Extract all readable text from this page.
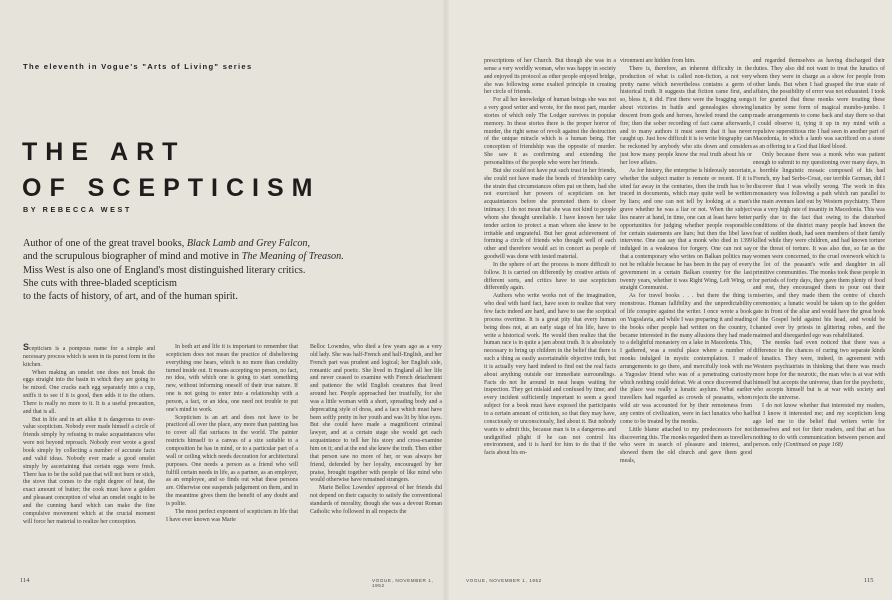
The eleventh in Vogue's "Arts of Living" series
THE ART
OF SCEPTICISM
BY REBECCA WEST
Author of one of the great travel books, Black Lamb and Grey Falcon,
and the scrupulous biographer of mind and motive in The Meaning of Treason.
Miss West is also one of England's most distinguished literary critics.
She cuts with three-bladed scepticism
to the facts of history, of art, and of the human spirit.

Scepticism is a pompous name for a simple and necessary process which is seen in its purest form in the kitchen.

When making an omelet one does not break the eggs straight into the basin in which they are going to be mixed. One cracks each egg separately into a cup, sniffs it to see if it is good, then adds it to the others. There is really no more to it. It is a useful precaution, and that is all.

But in life and in art alike it is dangerous to over-value scepticism. Nobody ever made himself a circle of friends simply by refusing to make acquaintances who were not beyond reproach. Nobody ever wrote a good book simply by collecting a number of accurate facts and valid ideas. Nobody ever made a good omelet simply by ascertaining that certain eggs were fresh. There has to be the solid pan that will not burn or stick, the stove that comes to the right degree of heat, the exact amount of butter; the cook must have a golden and pleasant conception of what an omelet ought to be and the cunning hand which can make the fine compulsive movement which at the crucial moment will force her material to realize her conception.

In both art and life it is important to remember that scepticism does not mean the practice of disbelieving everything one hears, which is no more than credulity turned inside out. It means accepting no person, no fact, no idea, with which one is going to start something new, without informing oneself of their true nature. If one is not going to enter into a relationship with a person, a fact, or an idea, one need not trouble to put one's mind to work.

Scepticism is an art and does not have to be practiced all over the place, any more than painting has to cover all flat surfaces in the world. The painter restricts himself to a canvas of a size suitable to a composition he has in mind, or to a particular part of a wall or ceiling which needs decoration for architectural purposes. One needs a person as a friend who will fulfill certain needs in life, as a partner, as an employer, as an employee, and so finds out what these persons are. Otherwise one suspends judgement on them, and in the meantime gives them the benefit of any doubt and is polite.

The most perfect exponent of scepticism in life that I have ever known was Marie

Belloc Lowndes, who died a few years ago as a very old lady. She was half-French and half-English, and her French part was prudent and logical; her English side, romantic and poetic. She lived in England all her life and never ceased to examine with French detachment and patience the wild English creatures that lived around her. People approached her trustfully, for she was a little woman with a short, spreading body and a deprecating style of dress, and a face which must have been softly pretty in her youth and was lit by blue eyes. But she could have made a magnificent criminal lawyer, and at a certain stage she would get each acquaintance to tell her his story and cross-examine him on it; and at the end she knew the truth. Then either that person saw no more of her, or was always her friend, defended by her loyalty, encouraged by her praise, brought together with people of like mind who would otherwise have remained strangers.

Marie Belloc Lowndes' approval of her friends did not depend on their capacity to satisfy the conventional standards of morality, though she was a devout Roman Catholic who followed in all respects the

114	VOGUE, NOVEMBER 1, 1952

prescriptions of her Church. But though she was in a sense a very worldly woman, who was happy in society and enjoyed its protocol as other people enjoyed bridge, she was following some exalted principle in creating her circle of friends.

For all her knowledge of human beings she was not a very good writer and wrote, for the most part, murder stories of which only The Lodger survives in popular memory. In these stories there is the proper horror of murder, the right sense of revolt against the destruction of the unique miracle which is a human being. Her conception of friendship was the opposite of murder. She saw it as confirming and extending the personalities of the people who were her friends.

But she could not have put such trust in her friends, she could not have made the bonds of friendship carry the strain that circumstances often put on them, had she not exercised her powers of scepticism on her acquaintances before she promoted them to closer intimacy. I do not mean that she was not kind to people whom she thought unreliable. I have known her take tender action to protect a man whom she knew to be irritable and ungrateful. But her great achievement of forming a circle of friends who thought well of each other and therefore would act in concert as people of goodwill was done with tested material.

In the sphere of art the process is more difficult to follow. It is carried on differently by creative artists of different sorts, and critics have to use scepticism differently again.

Authors who write works not of the imagination, who deal with hard fact, have soon to realize that very few facts indeed are hard, and have to use the sceptical process overtime. It is a great pity that every human being does not, at an early stage of his life, have to write a historical work. He would then realize that the human race is in quite a jam about truth. It is absolutely necessary to bring up children in the belief that there is such a thing as easily ascertainable objective truth, but it is actually very hard indeed to find out the real facts about anything outside our immediate surroundings. Facts do not lie around in neat heaps waiting for inspection. They get mislaid and confused by time; and every incident sufficiently important to seem a good subject for a book must have exposed the participants to a certain amount of criticism, so that they may have, consciously or unconsciously, lied about it. But nobody wants to admit this, because man is in a dangerous and undignified plight if he can not control his environment, and it is hard for him to do that if the facts about his en-

vironment are hidden from him.

There is, therefore, an inherent difficulty in the production of what is called non-fiction, a not very pretty name which nevertheless contains a germ of historical truth. It suggests that fiction came first, and so, bless it, it did. First there were the bragging songs about victories in battle and genealogies showing descent from gods and heroes, howled round the camp fire; then the sober recording of fact came afterwards, and to many authors it must seem that it has never caught up. Just how difficult it is to write biography can be reckoned by anybody who sits down and considers just how many people know the real truth about his or her love affairs.

As for history, the enterprise is hideously uncertain, whether the subject matter is remote or recent. If it is sited far away in the centuries, then the truth has to be traced in documents, which may quite well be written by liars; and one can not tell by looking at a man's grave whether he was a liar or not. When the subject lies nearer at hand, in time, one can at least have better opportunities for judging whether people responsible for certain statements are liars; but then the libel laws intervene. One can say that a monk who died in 1399 indulged in a weakness for forgery. One can not say that a contemporary who writes on Balkan politics may not be reliable because he has been in the pay of every government in a certain Balkan country for the last twenty years, whether it was Right Wing, Left Wing, or straight Communist.

As for travel books . . . but there the thing is monstrous. Human fallibility and the unpredictability of life conspire against the writer. I once wrote a book on Yugoslavia, and while I was preparing it and reading the books other people had written on the country, I became interested in the many allusions they had made to a delightful monastery on a lake in Macedonia. This, I gathered, was a restful place where a number of monks indulged in mystic contemplation. I made arrangements to go there, and mercifully took with me a Yugoslav friend who was of a penetrating curiosity which nothing could defeat. We at once discovered that the place was really a lunatic asylum. What earlier travellers had regarded as crowds of peasants, whom wild air was accounted for by their remoteness from any centre of civilization, were in fact lunatics who had come to be treated by the monks.

Little blame attached to my predecessors for not discovering this. The monks regarded them as travellers who were in search of pleasure and interest, and showed them the old church and gave them good meals,

and regarded themselves as having discharged their duties. They also did not want to treat the lunatics of whom they were in charge as a show for people from other lands. But when I had grasped the true state of affairs, the possibility of error was not exhausted. I took it for granted that these monks were treating these lunatics by some form of magical mumbo-jumbo. I made arrangements to come back and stay there so that I could observe it, tying it up in my mind with a repulsive superstitious rite I had seen in another part of Macedonia, in which a lamb was sacrificed on a stone as an offering to a God that liked blood.

Only because there was a monk who was patient enough to submit to my questioning over many days, in a horrible linguistic mosaic composed of his bad French, my bad Serbo-Croat, our terrible German, did I discover that I was wholly wrong. The work in this monastery was following a path which ran parallel to the main avenues laid out by Western psychiatry. There was a very high rate of insanity in Macedonia. This was partly due to the fact that owing to the disturbed conditions of the district many people had known the fear of sudden death, had seen members of their family killed while they were children, and had known torture or the threat of torture. It was also due, so far as the women were concerned, to the cruel overwork which is the lot of the peasant's wife and daughter in all primitive communities. The monks took these people in for periods of forty days, they gave them plenty of food and rest, they encouraged them to pour out their miseries, and they made them the centre of church ceremonies; a lunatic would be taken up to the golden gate in front of the altar and would have the great book of the Gospel held against his head, and would be chanted over by priests in glittering robes, and the maimed and disregarded ego was rehabilitated.

The monks had even noticed that there was a difference in the chances of curing two separate kinds of lunatics. They were, indeed, in agreement with Western psychiatrists in thinking that there was much more hope for the neurotic, the man who is at war with himself but accepts the universe, than for the psychotic, who accepts himself but is at war with society and rejects the universe.

I do not know whether that interested my readers, but I know it interested me; and my scepticism long ago led me to the belief that writers write for themselves and not for their readers, and that art has nothing to do with communication between person and person. only (Continued on page 168)

VOGUE, NOVEMBER 1, 1952	115
